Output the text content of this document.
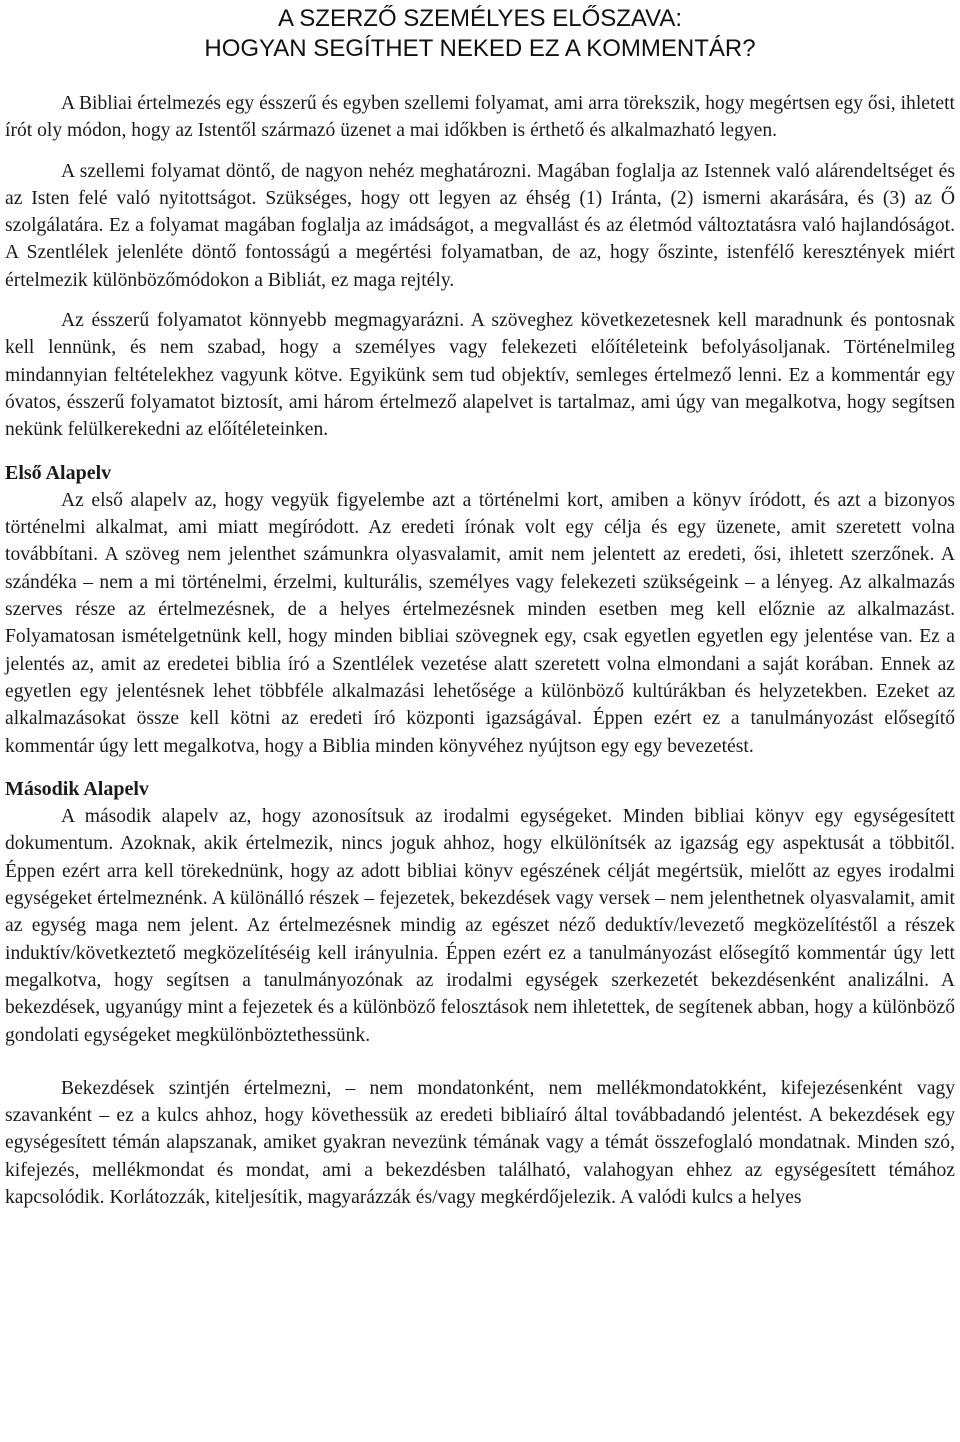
A SZERZŐ SZEMÉLYES ELŐSZAVA:
HOGYAN SEGÍTHET NEKED EZ A KOMMENTÁR?

A Bibliai értelmezés egy ésszerű és egyben szellemi folyamat, ami arra törekszik, hogy megértsen egy ősi, ihletett írót oly módon, hogy az Istentől származó üzenet a mai időkben is érthető és alkalmazható legyen.

A szellemi folyamat döntő, de nagyon nehéz meghatározni. Magában foglalja az Istennek való alárendeltséget és az Isten felé való nyitottságot. Szükséges, hogy ott legyen az éhség (1) Iránta, (2) ismerni akarására, és (3) az Ő szolgálatára. Ez a folyamat magában foglalja az imádságot, a megvallást és az életmód változtatásra való hajlandóságot. A Szentlélek jelenléte döntő fontosságú a megértési folyamatban, de az, hogy őszinte, istenfélő keresztények miért értelmezik különbözőmódokon a Bibliát, ez maga rejtély.

Az ésszerű folyamatot könnyebb megmagyarázni. A szöveghez következetesnek kell maradnunk és pontosnak kell lennünk, és nem szabad, hogy a személyes vagy felekezeti előítéleteink befolyásoljanak. Történelmileg mindannyian feltételekhez vagyunk kötve. Egyikünk sem tud objektív, semleges értelmező lenni. Ez a kommentár egy óvatos, ésszerű folyamatot biztosít, ami három értelmező alapelvet is tartalmaz, ami úgy van megalkotva, hogy segítsen nekünk felülkerekedni az előítéleteinken.

Első Alapelv

Az első alapelv az, hogy vegyük figyelembe azt a történelmi kort, amiben a könyv íródott, és azt a bizonyos történelmi alkalmat, ami miatt megíródott. Az eredeti írónak volt egy célja és egy üzenete, amit szeretett volna továbbítani. A szöveg nem jelenthet számunkra olyasvalamit, amit nem jelentett az eredeti, ősi, ihletett szerzőnek. A szándéka – nem a mi történelmi, érzelmi, kulturális, személyes vagy felekezeti szükségeink – a lényeg. Az alkalmazás szerves része az értelmezésnek, de a helyes értelmezésnek minden esetben meg kell előznie az alkalmazást. Folyamatosan ismételgetnünk kell, hogy minden bibliai szövegnek egy, csak egyetlen egyetlen egy jelentése van. Ez a jelentés az, amit az eredetei biblia író a Szentlélek vezetése alatt szeretett volna elmondani a saját korában. Ennek az egyetlen egy jelentésnek lehet többféle alkalmazási lehetősége a különböző kultúrákban és helyzetekben. Ezeket az alkalmazásokat össze kell kötni az eredeti író központi igazságával. Éppen ezért ez a tanulmányozást elősegítő kommentár úgy lett megalkotva, hogy a Biblia minden könyvéhez nyújtson egy egy bevezetést.

Második Alapelv

A második alapelv az, hogy azonosítsuk az irodalmi egységeket. Minden bibliai könyv egy egységesített dokumentum. Azoknak, akik értelmezik, nincs joguk ahhoz, hogy elkülönítsék az igazság egy aspektusát a többitől. Éppen ezért arra kell törekednünk, hogy az adott bibliai könyv egészének célját megértsük, mielőtt az egyes irodalmi egységeket értelmeznénk. A különálló részek – fejezetek, bekezdések vagy versek – nem jelenthetnek olyasvalamit, amit az egység maga nem jelent. Az értelmezésnek mindig az egészet néző deduktív/levezető megközelítéstől a részek induktív/következtető megközelítéséig kell irányulnia. Éppen ezért ez a tanulmányozást elősegítő kommentár úgy lett megalkotva, hogy segítsen a tanulmányozónak az irodalmi egységek szerkezetét bekezdésenként analizálni. A bekezdések, ugyanúgy mint a fejezetek és a különböző felosztások nem ihletettek, de segítenek abban, hogy a különböző gondolati egységeket megkülönböztethessünk.

Bekezdések szintjén értelmezni, – nem mondatonként, nem mellékmondatokként, kifejezésenként vagy szavanként – ez a kulcs ahhoz, hogy követhessük az eredeti bibliaíró által továbbadandó jelentést. A bekezdések egy egységesített témán alapszanak, amiket gyakran nevezünk témának vagy a témát összefoglaló mondatnak. Minden szó, kifejezés, mellékmondat és mondat, ami a bekezdésben található, valahogyan ehhez az egységesített témához kapcsolódik. Korlátozzák, kiteljesítik, magyarázzák és/vagy megkérdőjelezik. A valódi kulcs a helyes
